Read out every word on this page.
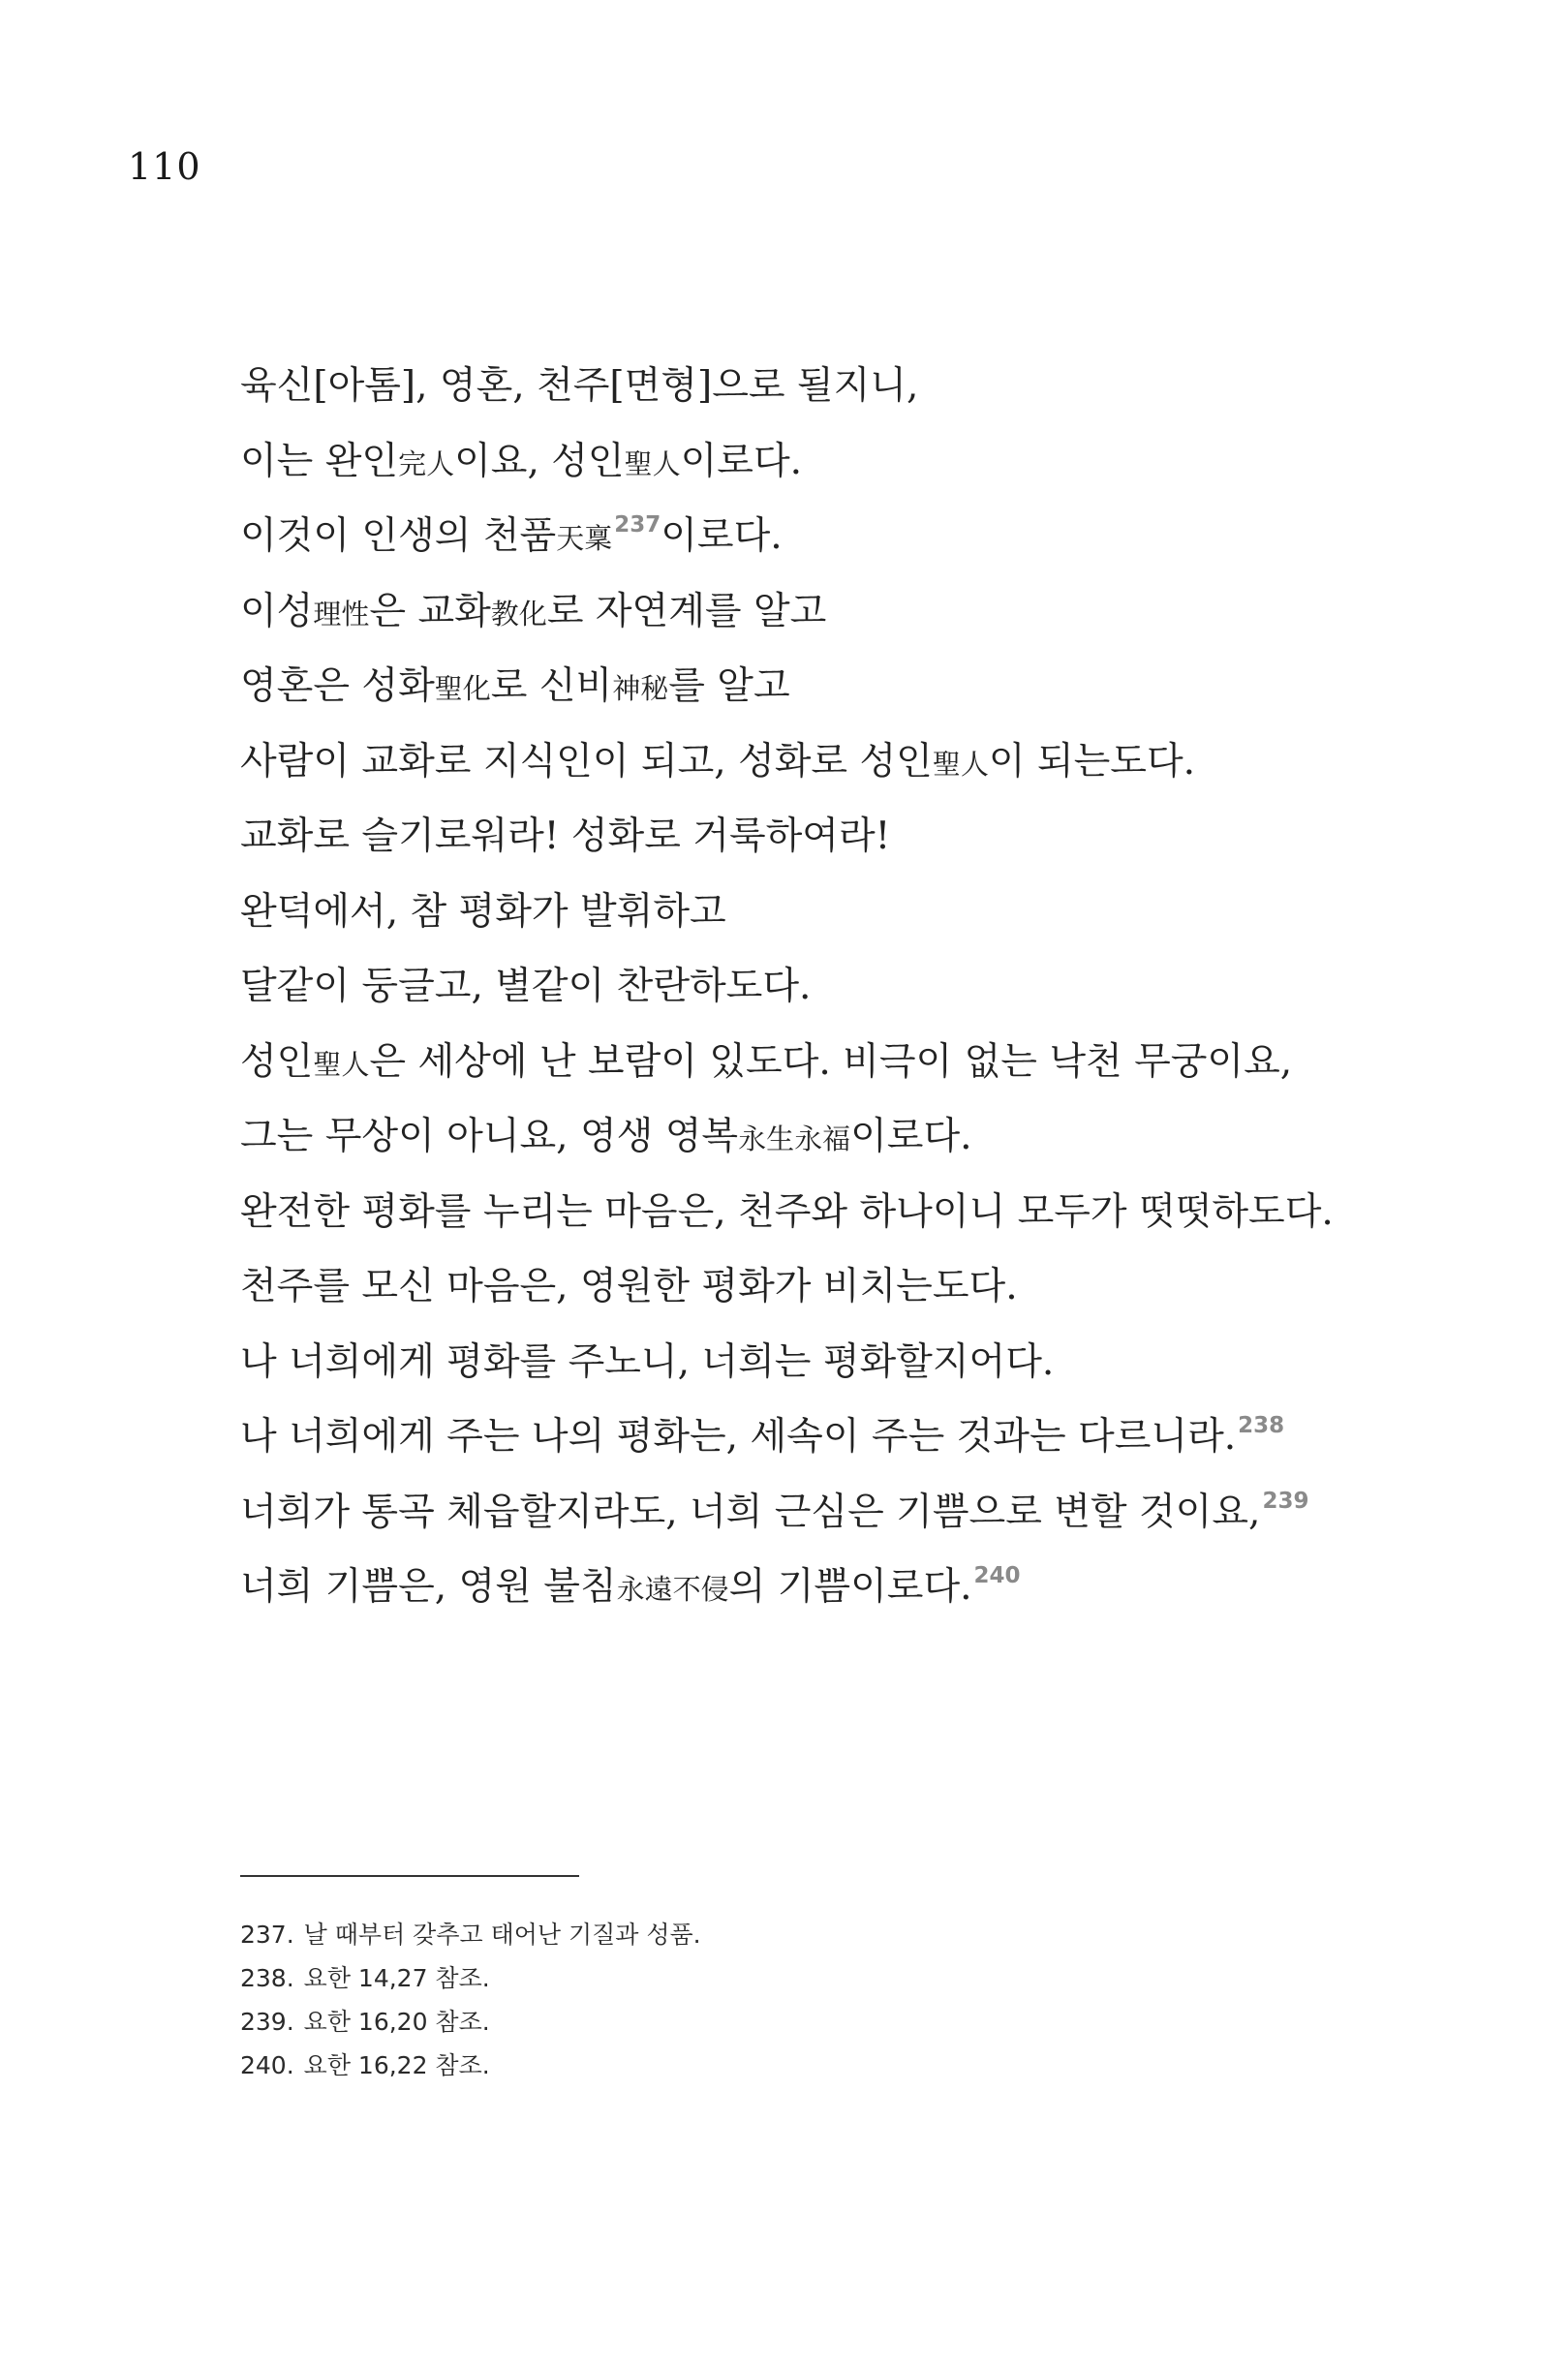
110
육신[아톰], 영혼, 천주[면형]으로 될지니,
이는 완인完人이요, 성인聖人이로다.
이것이 인생의 천품天稟$^{237}$이로다.
이성理性은 교화教化로 자연계를 알고
영혼은 성화聖化로 신비神秘를 알고
사람이 교화로 지식인이 되고, 성화로 성인聖人이 되는도다.
교화로 슬기로워라! 성화로 거룩하여라!
완덕에서, 참 평화가 발휘하고
달같이 둥글고, 별같이 찬란하도다.
성인聖人은 세상에 난 보람이 있도다. 비극이 없는 낙천 무궁이요,
그는 무상이 아니요, 영생 영복永生永福이로다.
완전한 평화를 누리는 마음은, 천주와 하나이니 모두가 떳떳하도다.
천주를 모신 마음은, 영원한 평화가 비치는도다.
나 너희에게 평화를 주노니, 너희는 평화할지어다.
나 너희에게 주는 나의 평화는, 세속이 주는 것과는 다르니라.$^{238}$
너희가 통곡 체읍할지라도, 너희 근심은 기쁨으로 변할 것이요,$^{239}$
너희 기쁨은, 영원 불침永遠不侵의 기쁨이로다.$^{240}$
237. 날 때부터 갖추고 태어난 기질과 성품.
238. 요한 14,27 참조.
239. 요한 16,20 참조.
240. 요한 16,22 참조.
